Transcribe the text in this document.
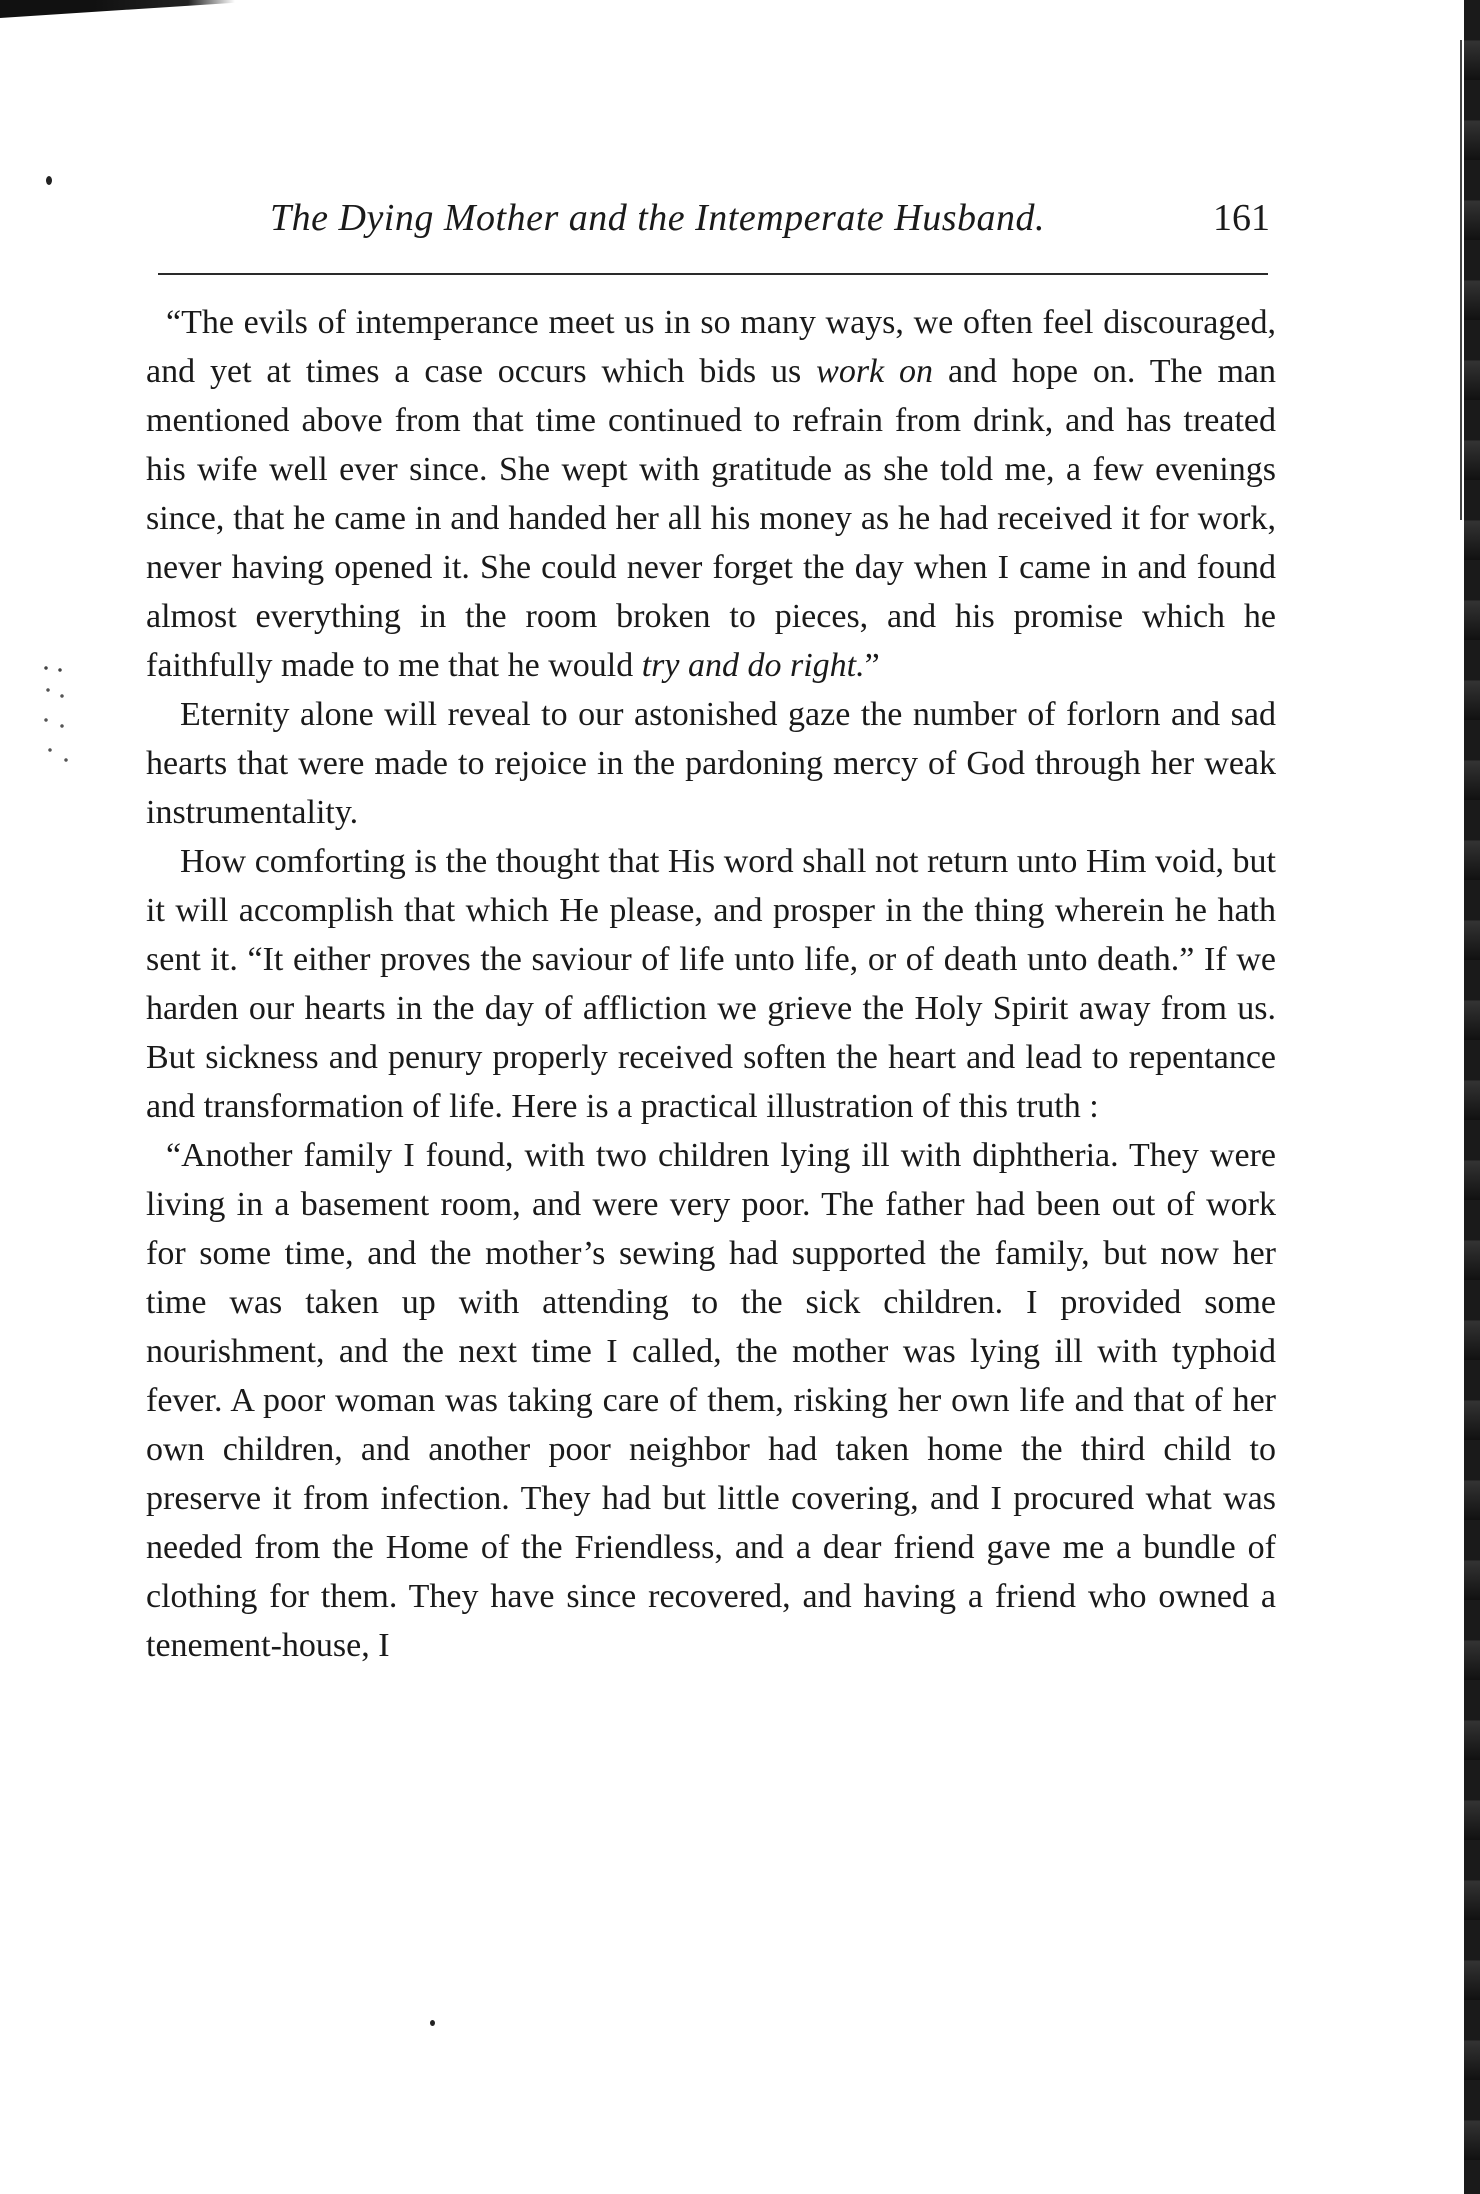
The Dying Mother and the Intemperate Husband.	161

“The evils of intemperance meet us in so many ways, we often feel discouraged, and yet at times a case occurs which bids us work on and hope on. The man mentioned above from that time continued to refrain from drink, and has treated his wife well ever since. She wept with gratitude as she told me, a few evenings since, that he came in and handed her all his money as he had received it for work, never having opened it. She could never forget the day when I came in and found almost everything in the room broken to pieces, and his promise which he faithfully made to me that he would try and do right.”

Eternity alone will reveal to our astonished gaze the number of forlorn and sad hearts that were made to rejoice in the pardoning mercy of God through her weak instrumentality.

How comforting is the thought that His word shall not return unto Him void, but it will accomplish that which He please, and prosper in the thing wherein he hath sent it. “It either proves the saviour of life unto life, or of death unto death.” If we harden our hearts in the day of affliction we grieve the Holy Spirit away from us. But sickness and penury properly received soften the heart and lead to repentance and transformation of life. Here is a practical illustration of this truth :

“Another family I found, with two children lying ill with diphtheria. They were living in a basement room, and were very poor. The father had been out of work for some time, and the mother’s sewing had supported the family, but now her time was taken up with attending to the sick children. I provided some nourishment, and the next time I called, the mother was lying ill with typhoid fever. A poor woman was taking care of them, risking her own life and that of her own children, and another poor neighbor had taken home the third child to preserve it from infection. They had but little covering, and I procured what was needed from the Home of the Friendless, and a dear friend gave me a bundle of clothing for them. They have since recovered, and having a friend who owned a tenement-house, I
